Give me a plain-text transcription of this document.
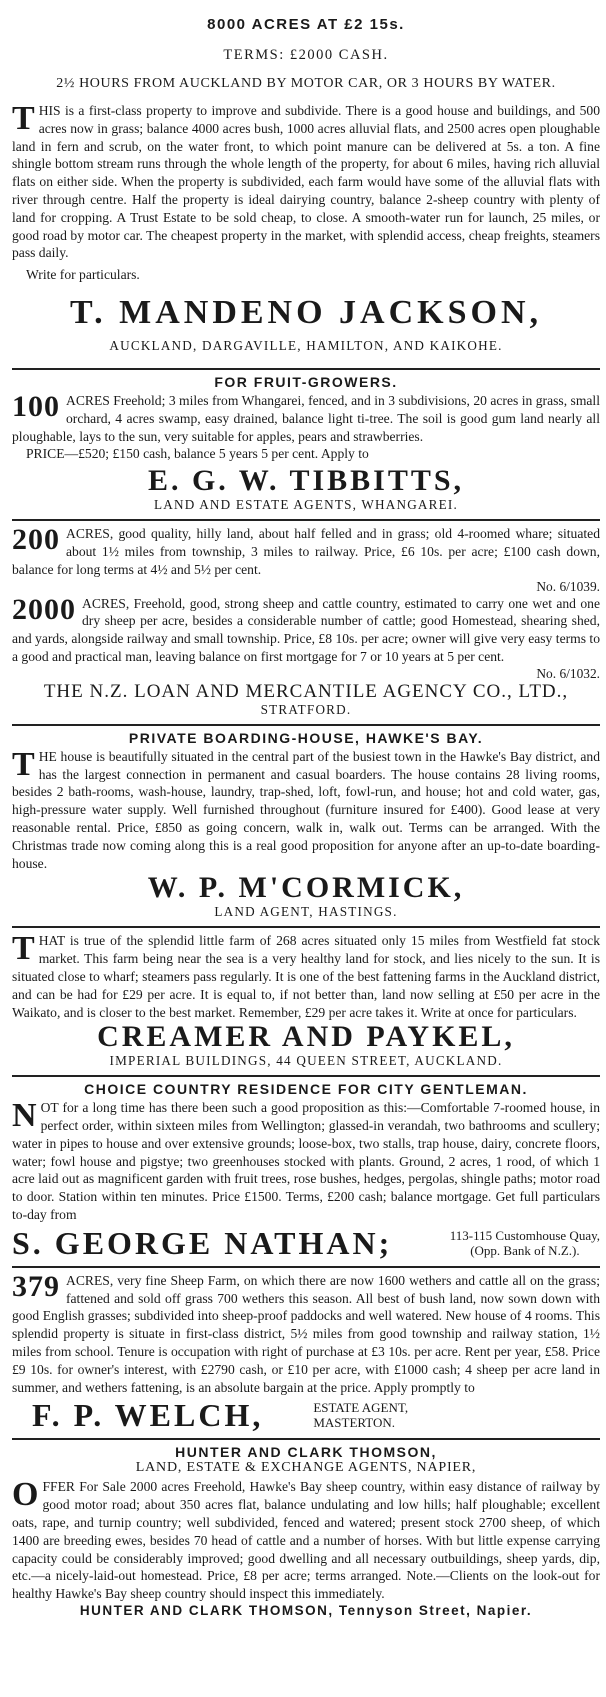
8000 ACRES AT £2 15s.
TERMS: £2000 CASH.
2½ HOURS FROM AUCKLAND BY MOTOR CAR, OR 3 HOURS BY WATER.

THIS is a first-class property to improve and subdivide. There is a good house and buildings, and 500 acres now in grass; balance 4000 acres bush, 1000 acres alluvial flats, and 2500 acres open ploughable land in fern and scrub, on the water front, to which point manure can be delivered at 5s. a ton. A fine shingle bottom stream runs through the whole length of the property, for about 6 miles, having rich alluvial flats on either side. When the property is subdivided, each farm would have some of the alluvial flats with river through centre. Half the property is ideal dairying country, balance 2-sheep country with plenty of land for cropping. A Trust Estate to be sold cheap, to close. A smooth-water run for launch, 25 miles, or good road by motor car. The cheapest property in the market, with splendid access, cheap freights, steamers pass daily.

Write for particulars.

T. MANDENO JACKSON,
AUCKLAND, DARGAVILLE, HAMILTON, AND KAIKOHE.
FOR FRUIT-GROWERS.

100 ACRES Freehold; 3 miles from Whangarei, fenced, and in 3 subdivisions, 20 acres in grass, small orchard, 4 acres swamp, easy drained, balance light ti-tree. The soil is good gum land nearly all ploughable, lays to the sun, very suitable for apples, pears and strawberries.

PRICE—£520; £150 cash, balance 5 years 5 per cent. Apply to

E. G. W. TIBBITTS,
LAND AND ESTATE AGENTS, WHANGAREI.

200 ACRES, good quality, hilly land, about half felled and in grass; old 4-roomed whare; situated about 1½ miles from township, 3 miles to railway. Price, £6 10s. per acre; £100 cash down, balance for long terms at 4½ and 5½ per cent.

No. 6/1039.

2000 ACRES, Freehold, good, strong sheep and cattle country, estimated to carry one wet and one dry sheep per acre, besides a considerable number of cattle; good Homestead, shearing shed, and yards, alongside railway and small township. Price, £8 10s. per acre; owner will give very easy terms to a good and practical man, leaving balance on first mortgage for 7 or 10 years at 5 per cent.

No. 6/1032.
THE N.Z. LOAN AND MERCANTILE AGENCY CO., LTD.,
STRATFORD.
PRIVATE BOARDING-HOUSE, HAWKE'S BAY.

THE house is beautifully situated in the central part of the busiest town in the Hawke's Bay district, and has the largest connection in permanent and casual boarders. The house contains 28 living rooms, besides 2 bath-rooms, wash-house, laundry, trap-shed, loft, fowl-run, and house; hot and cold water, gas, high-pressure water supply. Well furnished throughout (furniture insured for £400). Good lease at very reasonable rental. Price, £850 as going concern, walk in, walk out. Terms can be arranged. With the Christmas trade now coming along this is a real good proposition for anyone after an up-to-date boarding-house.

W. P. M'CORMICK,
LAND AGENT, HASTINGS.

THAT is true of the splendid little farm of 268 acres situated only 15 miles from Westfield fat stock market. This farm being near the sea is a very healthy land for stock, and lies nicely to the sun. It is situated close to wharf; steamers pass regularly. It is one of the best fattening farms in the Auckland district, and can be had for £29 per acre. It is equal to, if not better than, land now selling at £50 per acre in the Waikato, and is closer to the best market. Remember, £29 per acre takes it. Write at once for particulars.

CREAMER AND PAYKEL,
IMPERIAL BUILDINGS, 44 QUEEN STREET, AUCKLAND.
CHOICE COUNTRY RESIDENCE FOR CITY GENTLEMAN.

NOT for a long time has there been such a good proposition as this:—Comfortable 7-roomed house, in perfect order, within sixteen miles from Wellington; glassed-in verandah, two bathrooms and scullery; water in pipes to house and over extensive grounds; loose-box, two stalls, trap house, dairy, concrete floors, water; fowl house and pigstye; two greenhouses stocked with plants. Ground, 2 acres, 1 rood, of which 1 acre laid out as magnificent garden with fruit trees, rose bushes, hedges, pergolas, shingle paths; motor road to door. Station within ten minutes. Price £1500. Terms, £200 cash; balance mortgage. Get full particulars to-day from

S. GEORGE NATHAN;	113-115 Customhouse Quay,
(Opp. Bank of N.Z.).

379 ACRES, very fine Sheep Farm, on which there are now 1600 wethers and cattle all on the grass; fattened and sold off grass 700 wethers this season. All best of bush land, now sown down with good English grasses; subdivided into sheep-proof paddocks and well watered. New house of 4 rooms. This splendid property is situate in first-class district, 5½ miles from good township and railway station, 1½ miles from school. Tenure is occupation with right of purchase at £3 10s. per acre. Rent per year, £58. Price £9 10s. for owner's interest, with £2790 cash, or £10 per acre, with £1000 cash; 4 sheep per acre land in summer, and wethers fattening, is an absolute bargain at the price. Apply promptly to

F. P. WELCH,	ESTATE AGENT,
MASTERTON.
HUNTER AND CLARK THOMSON,
LAND, ESTATE & EXCHANGE AGENTS, NAPIER,

OFFER For Sale 2000 acres Freehold, Hawke's Bay sheep country, within easy distance of railway by good motor road; about 350 acres flat, balance undulating and low hills; half ploughable; excellent oats, rape, and turnip country; well subdivided, fenced and watered; present stock 2700 sheep, of which 1400 are breeding ewes, besides 70 head of cattle and a number of horses. With but little expense carrying capacity could be considerably improved; good dwelling and all necessary outbuildings, sheep yards, dip, etc.—a nicely-laid-out homestead. Price, £8 per acre; terms arranged. Note.—Clients on the look-out for healthy Hawke's Bay sheep country should inspect this immediately.

HUNTER AND CLARK THOMSON, Tennyson Street, Napier.
